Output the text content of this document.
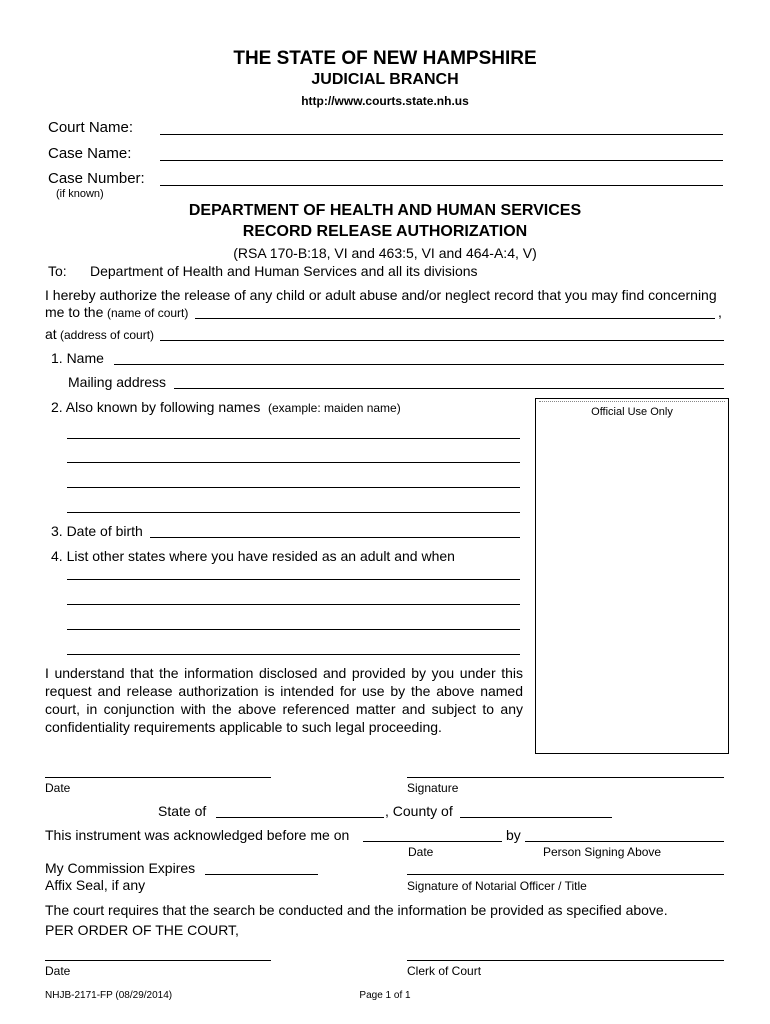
THE STATE OF NEW HAMPSHIRE
JUDICIAL BRANCH
http://www.courts.state.nh.us
Court Name:
Case Name:
Case Number:
(if known)
DEPARTMENT OF HEALTH AND HUMAN SERVICES
RECORD RELEASE AUTHORIZATION
(RSA 170-B:18, VI and 463:5, VI and 464-A:4, V)
To: Department of Health and Human Services and all its divisions
I hereby authorize the release of any child or adult abuse and/or neglect record that you may find concerning
me to the (name of court)	,
at (address of court)
1. Name
Mailing address
2. Also known by following names (example: maiden name)
3. Date of birth
4. List other states where you have resided as an adult and when
Official Use Only
I understand that the information disclosed and provided by you under this request and release authorization is intended for use by the above named court, in conjunction with the above referenced matter and subject to any confidentiality requirements applicable to such legal proceeding.
Date	Signature
State of	, County of
This instrument was acknowledged before me on	by
Date	Person Signing Above
My Commission Expires
Affix Seal, if any	Signature of Notarial Officer / Title
The court requires that the search be conducted and the information be provided as specified above.
PER ORDER OF THE COURT,
Date	Clerk of Court
NHJB-2171-FP (08/29/2014)	Page 1 of 1
